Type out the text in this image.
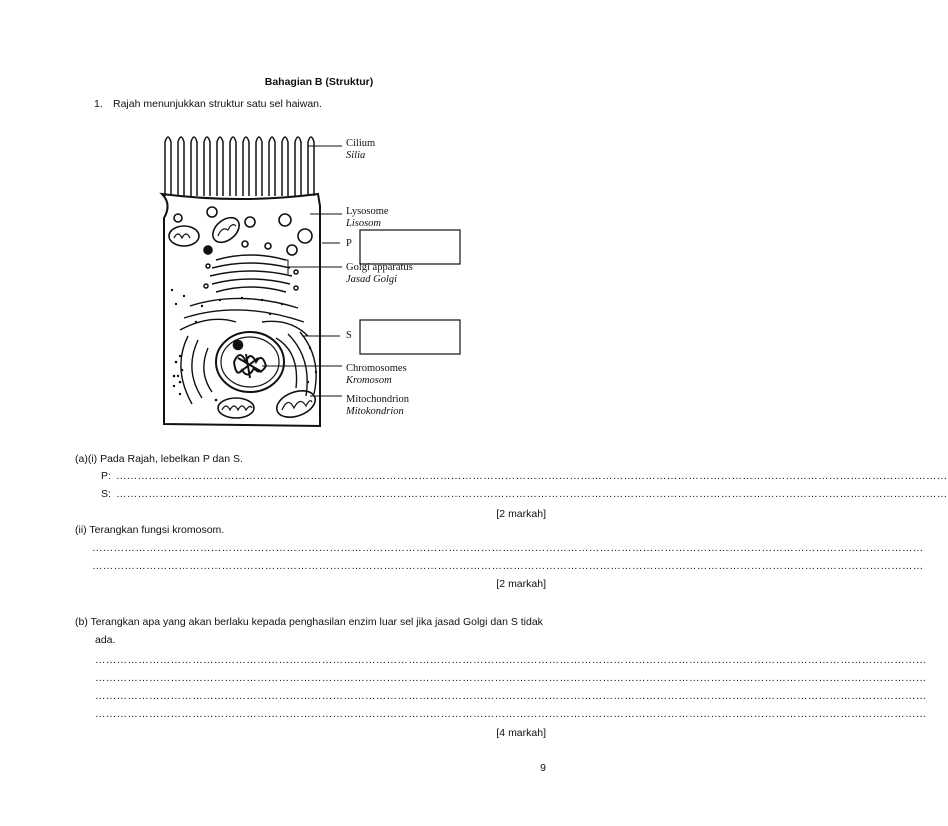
Bahagian B (Struktur)
1. Rajah menunjukkan struktur satu sel haiwan.
Cilium
Silia
Lysosome
Lisosom
P
Golgi apparatus
Jasad Golgi
S
Chromosomes
Kromosom
Mitochondrion
Mitokondrion
(a)(i) Pada Rajah, lebelkan P dan S.
P: ……………………………………………………………………………………………………………………………………………………………………………………………………………
S: ……………………………………………………………………………………………………………………………………………………………………………………………………………
[2 markah]
(ii) Terangkan fungsi kromosom.
……………………………………………………………………………………………………………………………………………………………………………………………………………
……………………………………………………………………………………………………………………………………………………………………………………………………………
[2 markah]
(b) Terangkan apa yang akan berlaku kepada penghasilan enzim luar sel jika jasad Golgi dan S tidak
ada.
……………………………………………………………………………………………………………………………………………………………………………………………………………
……………………………………………………………………………………………………………………………………………………………………………………………………………
……………………………………………………………………………………………………………………………………………………………………………………………………………
……………………………………………………………………………………………………………………………………………………………………………………………………………
[4 markah]
9
